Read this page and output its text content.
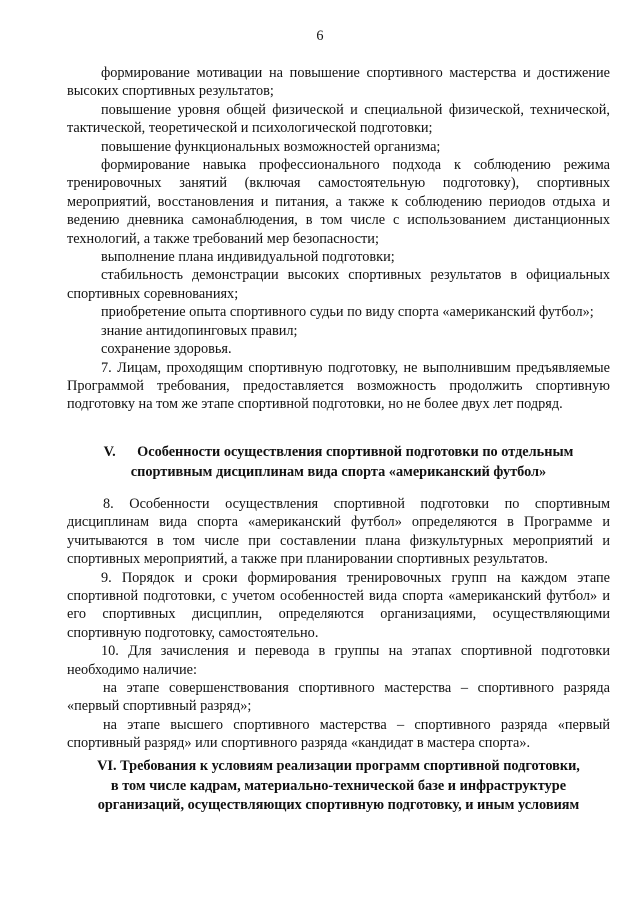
6
формирование мотивации на повышение спортивного мастерства и достижение высоких спортивных результатов;
повышение уровня общей физической и специальной физической, технической, тактической, теоретической и психологической подготовки;
повышение функциональных возможностей организма;
формирование навыка профессионального подхода к соблюдению режима тренировочных занятий (включая самостоятельную подготовку), спортивных мероприятий, восстановления и питания, а также к соблюдению периодов отдыха и ведению дневника самонаблюдения, в том числе с использованием дистанционных технологий, а также требований мер безопасности;
выполнение плана индивидуальной подготовки;
стабильность демонстрации высоких спортивных результатов в официальных спортивных соревнованиях;
приобретение опыта спортивного судьи по виду спорта «американский футбол»;
знание антидопинговых правил;
сохранение здоровья.
7. Лицам, проходящим спортивную подготовку, не выполнившим предъявляемые Программой требования, предоставляется возможность продолжить спортивную подготовку на том же этапе спортивной подготовки, но не более двух лет подряд.
V. Особенности осуществления спортивной подготовки по отдельным
спортивным дисциплинам вида спорта «американский футбол»
8. Особенности осуществления спортивной подготовки по спортивным дисциплинам вида спорта «американский футбол» определяются в Программе и учитываются в том числе при составлении плана физкультурных мероприятий и спортивных мероприятий, а также при планировании спортивных результатов.
9. Порядок и сроки формирования тренировочных групп на каждом этапе спортивной подготовки, с учетом особенностей вида спорта «американский футбол» и его спортивных дисциплин, определяются организациями, осуществляющими спортивную подготовку, самостоятельно.
10. Для зачисления и перевода в группы на этапах спортивной подготовки необходимо наличие:
на этапе совершенствования спортивного мастерства – спортивного разряда «первый спортивный разряд»;
на этапе высшего спортивного мастерства – спортивного разряда «первый спортивный разряд» или спортивного разряда «кандидат в мастера спорта».
VI. Требования к условиям реализации программ спортивной подготовки,
в том числе кадрам, материально-технической базе и инфраструктуре
организаций, осуществляющих спортивную подготовку, и иным условиям
